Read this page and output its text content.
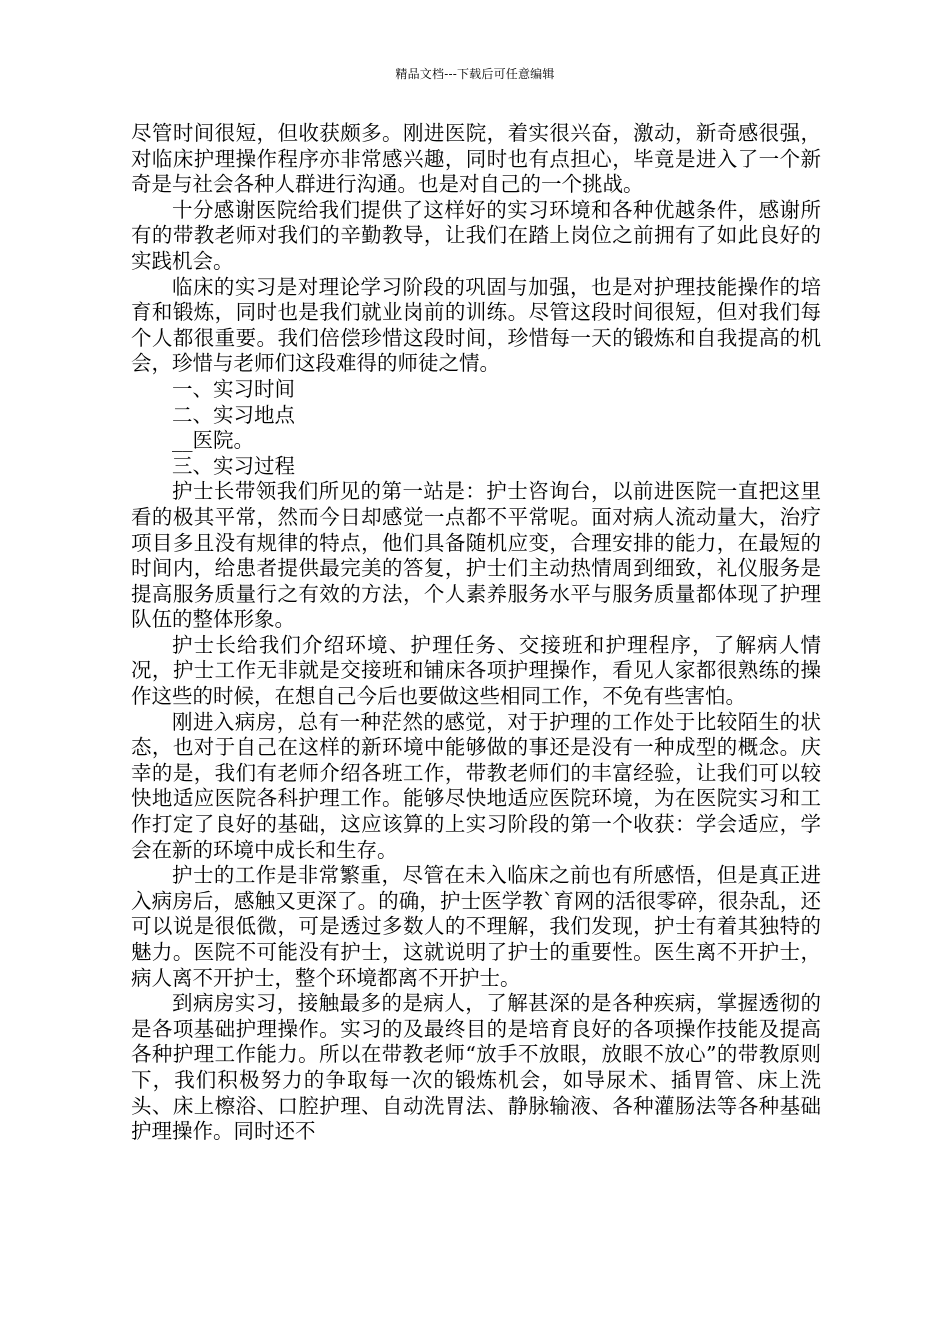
精品文档---下载后可任意编辑

尽管时间很短，但收获颇多。刚进医院，着实很兴奋，激动，新奇感很强，对临床护理操作程序亦非常感兴趣，同时也有点担心，毕竟是进入了一个新奇是与社会各种人群进行沟通。也是对自己的一个挑战。

十分感谢医院给我们提供了这样好的实习环境和各种优越条件，感谢所有的带教老师对我们的辛勤教导，让我们在踏上岗位之前拥有了如此良好的实践机会。

临床的实习是对理论学习阶段的巩固与加强，也是对护理技能操作的培育和锻炼，同时也是我们就业岗前的训练。尽管这段时间很短，但对我们每个人都很重要。我们倍偿珍惜这段时间，珍惜每一天的锻炼和自我提高的机会，珍惜与老师们这段难得的师徒之情。

一、实习时间

二、实习地点

__医院。

三、实习过程

护士长带领我们所见的第一站是：护士咨询台，以前进医院一直把这里看的极其平常，然而今日却感觉一点都不平常呢。面对病人流动量大，治疗项目多且没有规律的特点，他们具备随机应变，合理安排的能力，在最短的时间内，给患者提供最完美的答复，护士们主动热情周到细致，礼仪服务是提高服务质量行之有效的方法，个人素养服务水平与服务质量都体现了护理队伍的整体形象。

护士长给我们介绍环境、护理任务、交接班和护理程序，了解病人情况，护士工作无非就是交接班和铺床各项护理操作，看见人家都很熟练的操作这些的时候，在想自己今后也要做这些相同工作，不免有些害怕。

刚进入病房，总有一种茫然的感觉，对于护理的工作处于比较陌生的状态，也对于自己在这样的新环境中能够做的事还是没有一种成型的概念。庆幸的是，我们有老师介绍各班工作，带教老师们的丰富经验，让我们可以较快地适应医院各科护理工作。能够尽快地适应医院环境，为在医院实习和工作打定了良好的基础，这应该算的上实习阶段的第一个收获：学会适应，学会在新的环境中成长和生存。

护士的工作是非常繁重，尽管在未入临床之前也有所感悟，但是真正进入病房后，感触又更深了。的确，护士医学教`育网的活很零碎，很杂乱，还可以说是很低微，可是透过多数人的不理解，我们发现，护士有着其独特的魅力。医院不可能没有护士，这就说明了护士的重要性。医生离不开护士，病人离不开护士，整个环境都离不开护士。

到病房实习，接触最多的是病人，了解甚深的是各种疾病，掌握透彻的是各项基础护理操作。实习的及最终目的是培育良好的各项操作技能及提高各种护理工作能力。所以在带教老师“放手不放眼，放眼不放心”的带教原则下，我们积极努力的争取每一次的锻炼机会，如导尿术、插胃管、床上洗头、床上檫浴、口腔护理、自动洗胃法、静脉输液、各种灌肠法等各种基础护理操作。同时还不
